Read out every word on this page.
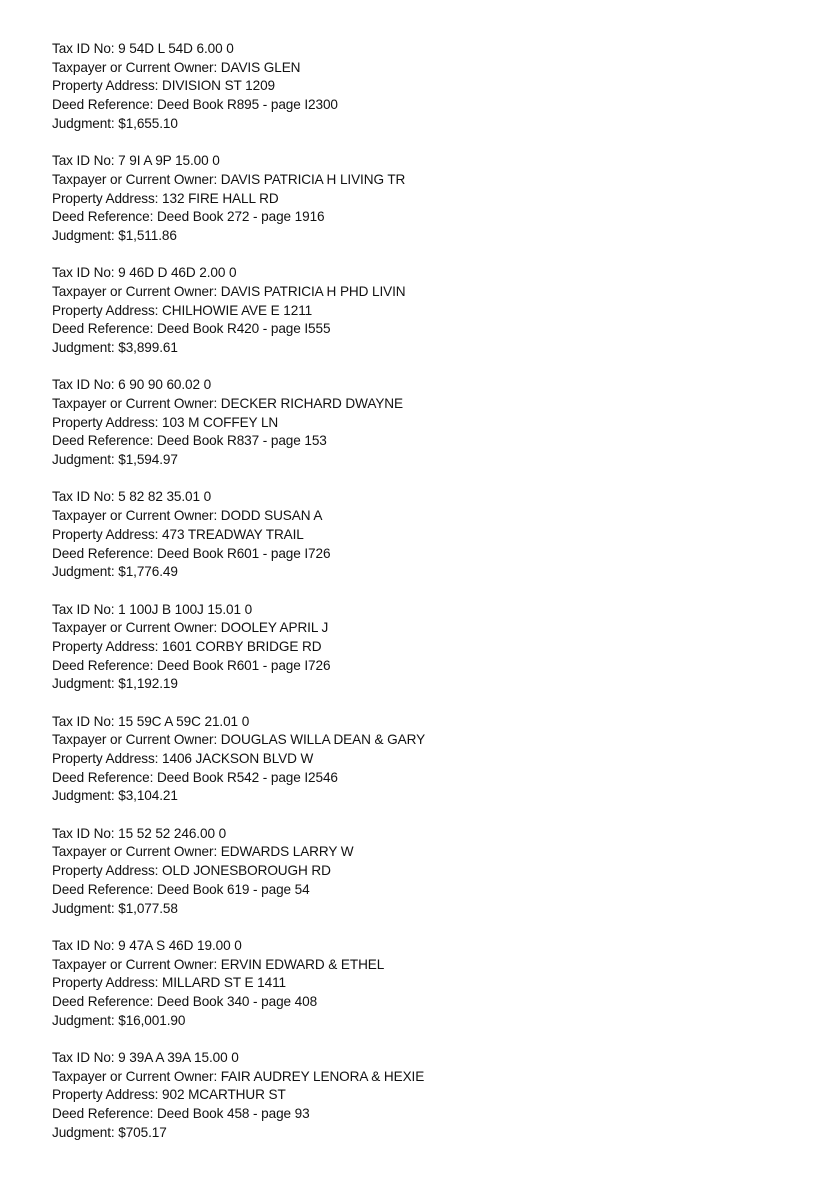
Tax ID No: 9 54D L 54D 6.00 0
Taxpayer or Current Owner: DAVIS GLEN
Property Address: DIVISION ST 1209
Deed Reference: Deed Book R895 - page I2300
Judgment: $1,655.10
Tax ID No: 7 9I A 9P 15.00 0
Taxpayer or Current Owner: DAVIS PATRICIA H LIVING TR
Property Address: 132 FIRE HALL RD
Deed Reference: Deed Book 272 - page 1916
Judgment: $1,511.86
Tax ID No: 9 46D D 46D 2.00 0
Taxpayer or Current Owner: DAVIS PATRICIA H PHD LIVIN
Property Address: CHILHOWIE AVE E 1211
Deed Reference: Deed Book R420 - page I555
Judgment: $3,899.61
Tax ID No: 6 90 90 60.02 0
Taxpayer or Current Owner: DECKER RICHARD DWAYNE
Property Address: 103 M COFFEY LN
Deed Reference: Deed Book R837 - page 153
Judgment: $1,594.97
Tax ID No: 5 82 82 35.01 0
Taxpayer or Current Owner: DODD SUSAN A
Property Address: 473 TREADWAY TRAIL
Deed Reference: Deed Book R601 - page I726
Judgment: $1,776.49
Tax ID No: 1 100J B 100J 15.01 0
Taxpayer or Current Owner: DOOLEY APRIL J
Property Address: 1601 CORBY BRIDGE RD
Deed Reference: Deed Book R601 - page I726
Judgment: $1,192.19
Tax ID No: 15 59C A 59C 21.01 0
Taxpayer or Current Owner: DOUGLAS WILLA DEAN & GARY
Property Address: 1406 JACKSON BLVD W
Deed Reference: Deed Book R542 - page I2546
Judgment: $3,104.21
Tax ID No: 15 52 52 246.00 0
Taxpayer or Current Owner: EDWARDS LARRY W
Property Address: OLD JONESBOROUGH RD
Deed Reference: Deed Book 619 - page 54
Judgment: $1,077.58
Tax ID No: 9 47A S 46D 19.00 0
Taxpayer or Current Owner: ERVIN EDWARD & ETHEL
Property Address: MILLARD ST E 1411
Deed Reference: Deed Book 340 - page 408
Judgment: $16,001.90
Tax ID No: 9 39A A 39A 15.00 0
Taxpayer or Current Owner: FAIR AUDREY LENORA & HEXIE
Property Address: 902 MCARTHUR ST
Deed Reference: Deed Book 458 - page 93
Judgment: $705.17
